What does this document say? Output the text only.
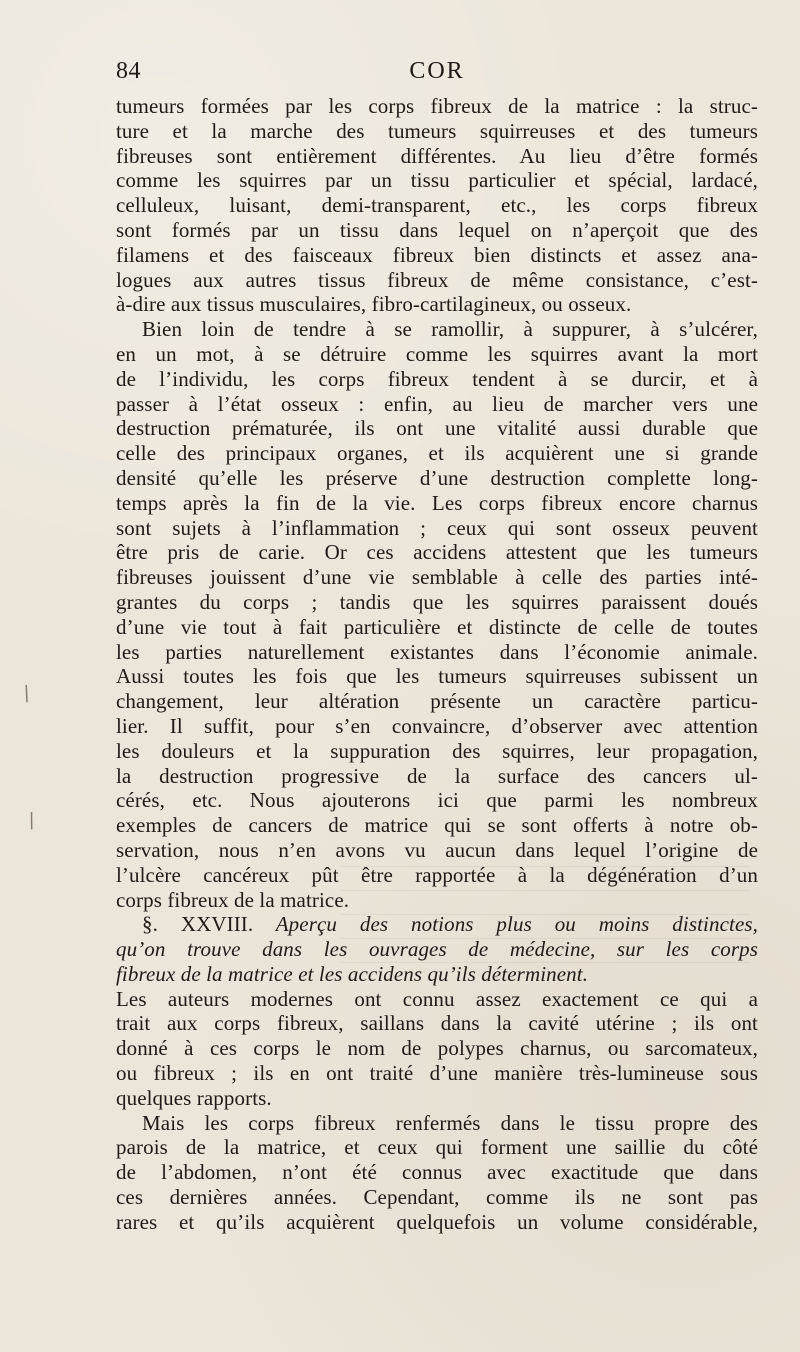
84	COR
tumeurs formées par les corps fibreux de la matrice : la struc-
ture et la marche des tumeurs squirreuses et des tumeurs
fibreuses sont entièrement différentes. Au lieu d’être formés
comme les squirres par un tissu particulier et spécial, lardacé,
celluleux, luisant, demi-transparent, etc., les corps fibreux
sont formés par un tissu dans lequel on n’aperçoit que des
filamens et des faisceaux fibreux bien distincts et assez ana-
logues aux autres tissus fibreux de même consistance, c’est-
à-dire aux tissus musculaires, fibro-cartilagineux, ou osseux.
Bien loin de tendre à se ramollir, à suppurer, à s’ulcérer,
en un mot, à se détruire comme les squirres avant la mort
de l’individu, les corps fibreux tendent à se durcir, et à
passer à l’état osseux : enfin, au lieu de marcher vers une
destruction prématurée, ils ont une vitalité aussi durable que
celle des principaux organes, et ils acquièrent une si grande
densité qu’elle les préserve d’une destruction complette long-
temps après la fin de la vie. Les corps fibreux encore charnus
sont sujets à l’inflammation ; ceux qui sont osseux peuvent
être pris de carie. Or ces accidens attestent que les tumeurs
fibreuses jouissent d’une vie semblable à celle des parties inté-
grantes du corps ; tandis que les squirres paraissent doués
d’une vie tout à fait particulière et distincte de celle de toutes
les parties naturellement existantes dans l’économie animale.
Aussi toutes les fois que les tumeurs squirreuses subissent un
changement, leur altération présente un caractère particu-
lier. Il suffit, pour s’en convaincre, d’observer avec attention
les douleurs et la suppuration des squirres, leur propagation,
la destruction progressive de la surface des cancers ul-
cérés, etc. Nous ajouterons ici que parmi les nombreux
exemples de cancers de matrice qui se sont offerts à notre ob-
servation, nous n’en avons vu aucun dans lequel l’origine de
l’ulcère cancéreux pût être rapportée à la dégénération d’un
corps fibreux de la matrice.
§. XXVIII. Aperçu des notions plus ou moins distinctes,
qu’on trouve dans les ouvrages de médecine, sur les corps
fibreux de la matrice et les accidens qu’ils déterminent.
Les auteurs modernes ont connu assez exactement ce qui a
trait aux corps fibreux, saillans dans la cavité utérine ; ils ont
donné à ces corps le nom de polypes charnus, ou sarcomateux,
ou fibreux ; ils en ont traité d’une manière très-lumineuse sous
quelques rapports.
Mais les corps fibreux renfermés dans le tissu propre des
parois de la matrice, et ceux qui forment une saillie du côté
de l’abdomen, n’ont été connus avec exactitude que dans
ces dernières années. Cependant, comme ils ne sont pas
rares et qu’ils acquièrent quelquefois un volume considérable,
/
/
